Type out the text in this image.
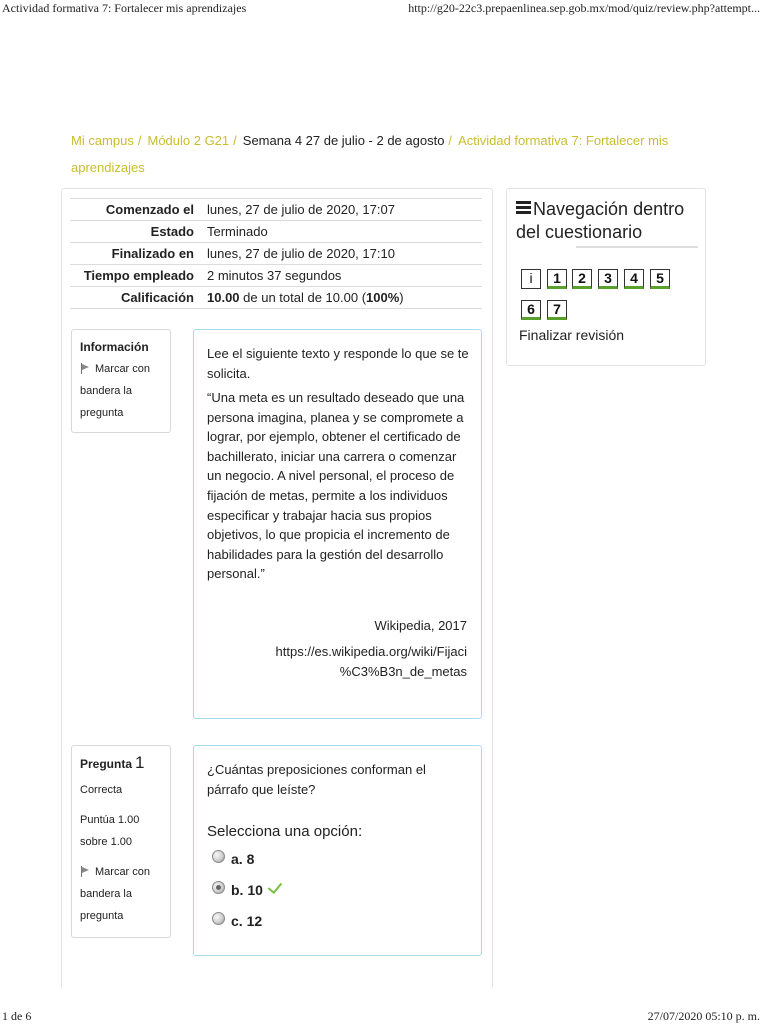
Actividad formativa 7: Fortalecer mis aprendizajes	http://g20-22c3.prepaenlinea.sep.gob.mx/mod/quiz/review.php?attempt...
Mi campus / Módulo 2 G21 / Semana 4 27 de julio - 2 de agosto / Actividad formativa 7: Fortalecer mis aprendizajes
Comenzado el	lunes, 27 de julio de 2020, 17:07
Estado	Terminado
Finalizado en	lunes, 27 de julio de 2020, 17:10
Tiempo empleado	2 minutos 37 segundos
Calificación	10.00 de un total de 10.00 (100%)
Información
Marcar con
bandera la
pregunta
Lee el siguiente texto y responde lo que se te solicita.
“Una meta es un resultado deseado que una persona imagina, planea y se compromete a lograr, por ejemplo, obtener el certificado de bachillerato, iniciar una carrera o comenzar un negocio. A nivel personal, el proceso de fijación de metas, permite a los individuos especificar y trabajar hacia sus propios objetivos, lo que propicia el incremento de habilidades para la gestión del desarrollo personal.”
Wikipedia, 2017
https://es.wikipedia.org/wiki/Fijaci
%C3%B3n_de_metas
Pregunta 1
Correcta
Puntúa 1.00
sobre 1.00
Marcar con
bandera la
pregunta
¿Cuántas preposiciones conforman el párrafo que leíste?
Selecciona una opción:
a. 8
b. 10
c. 12
Navegación dentro del cuestionario
i	1	2	3	4	5
6	7
Finalizar revisión
1 de 6	27/07/2020 05:10 p. m.
